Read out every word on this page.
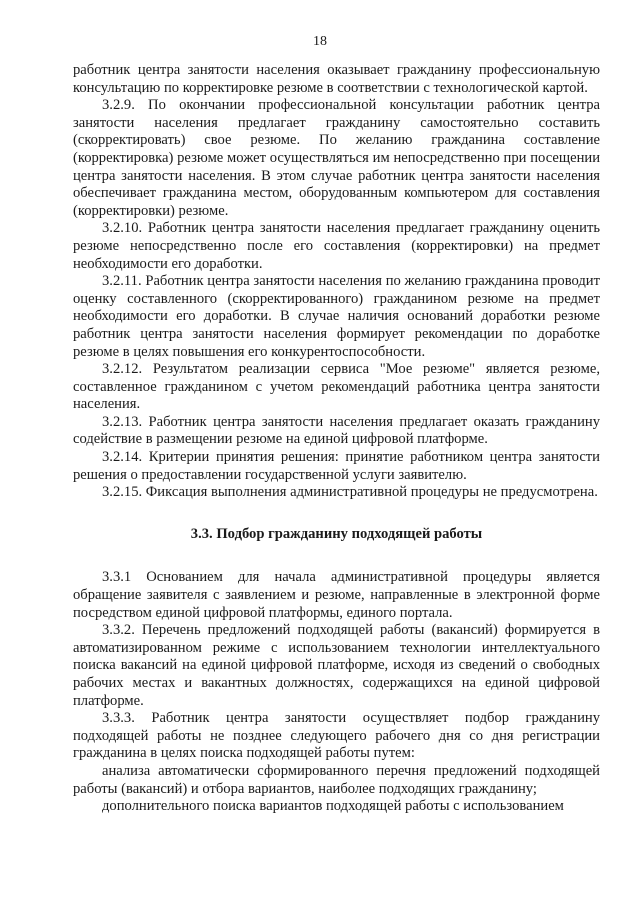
18

работник центра занятости населения оказывает гражданину профессиональную консультацию по корректировке резюме в соответствии с технологической картой.

3.2.9. По окончании профессиональной консультации работник центра занятости населения предлагает гражданину самостоятельно составить (скорректировать) свое резюме. По желанию гражданина составление (корректировка) резюме может осуществляться им непосредственно при посещении центра занятости населения. В этом случае работник центра занятости населения обеспечивает гражданина местом, оборудованным компьютером для составления (корректировки) резюме.

3.2.10. Работник центра занятости населения предлагает гражданину оценить резюме непосредственно после его составления (корректировки) на предмет необходимости его доработки.

3.2.11. Работник центра занятости населения по желанию гражданина проводит оценку составленного (скорректированного) гражданином резюме на предмет необходимости его доработки. В случае наличия оснований доработки резюме работник центра занятости населения формирует рекомендации по доработке резюме в целях повышения его конкурентоспособности.

3.2.12. Результатом реализации сервиса "Мое резюме" является резюме, составленное гражданином с учетом рекомендаций работника центра занятости населения.

3.2.13. Работник центра занятости населения предлагает оказать гражданину содействие в размещении резюме на единой цифровой платформе.

3.2.14. Критерии принятия решения: принятие работником центра занятости решения о предоставлении государственной услуги заявителю.

3.2.15. Фиксация выполнения административной процедуры не предусмотрена.

3.3. Подбор гражданину подходящей работы

3.3.1 Основанием для начала административной процедуры является обращение заявителя с заявлением и резюме, направленные в электронной форме посредством единой цифровой платформы, единого портала.

3.3.2. Перечень предложений подходящей работы (вакансий) формируется в автоматизированном режиме с использованием технологии интеллектуального поиска вакансий на единой цифровой платформе, исходя из сведений о свободных рабочих местах и вакантных должностях, содержащихся на единой цифровой платформе.

3.3.3. Работник центра занятости осуществляет подбор гражданину подходящей работы не позднее следующего рабочего дня со дня регистрации гражданина в целях поиска подходящей работы путем:

анализа автоматически сформированного перечня предложений подходящей работы (вакансий) и отбора вариантов, наиболее подходящих гражданину;

дополнительного поиска вариантов подходящей работы с использованием
